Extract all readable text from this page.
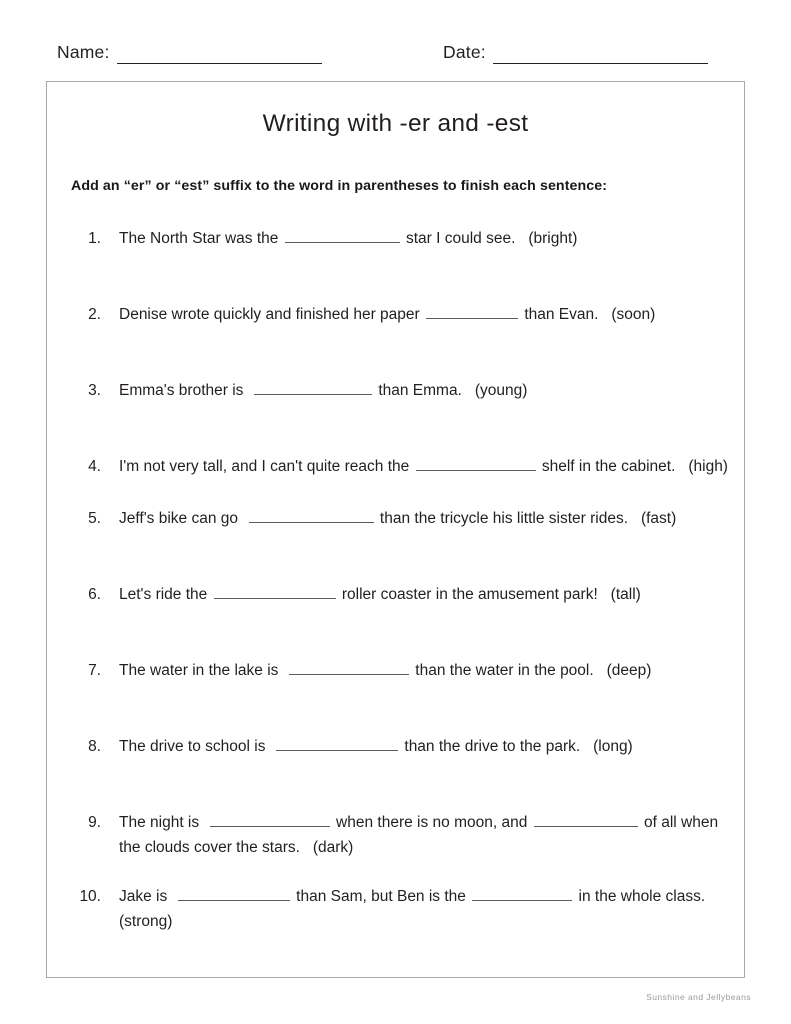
Name:	Date:
Writing with -er and -est
Add an “er” or “est” suffix to the word in parentheses to finish each sentence:
1.	The North Star was the	star I could see.   (bright)
2.	Denise wrote quickly and finished her paper	than Evan.   (soon)
3.	Emma's brother is	than Emma.   (young)
4.	I'm not very tall, and I can't quite reach the	shelf in the cabinet.   (high)
5.	Jeff's bike can go	than the tricycle his little sister rides.   (fast)
6.	Let's ride the	roller coaster in the amusement park!   (tall)
7.	The water in the lake is	than the water in the pool.   (deep)
8.	The drive to school is	than the drive to the park.   (long)
9.	The night is	when there is no moon, and	of all when the clouds cover the stars.   (dark)
10.	Jake is	than Sam, but Ben is the	in the whole class.   (strong)
Sunshine and Jellybeans
